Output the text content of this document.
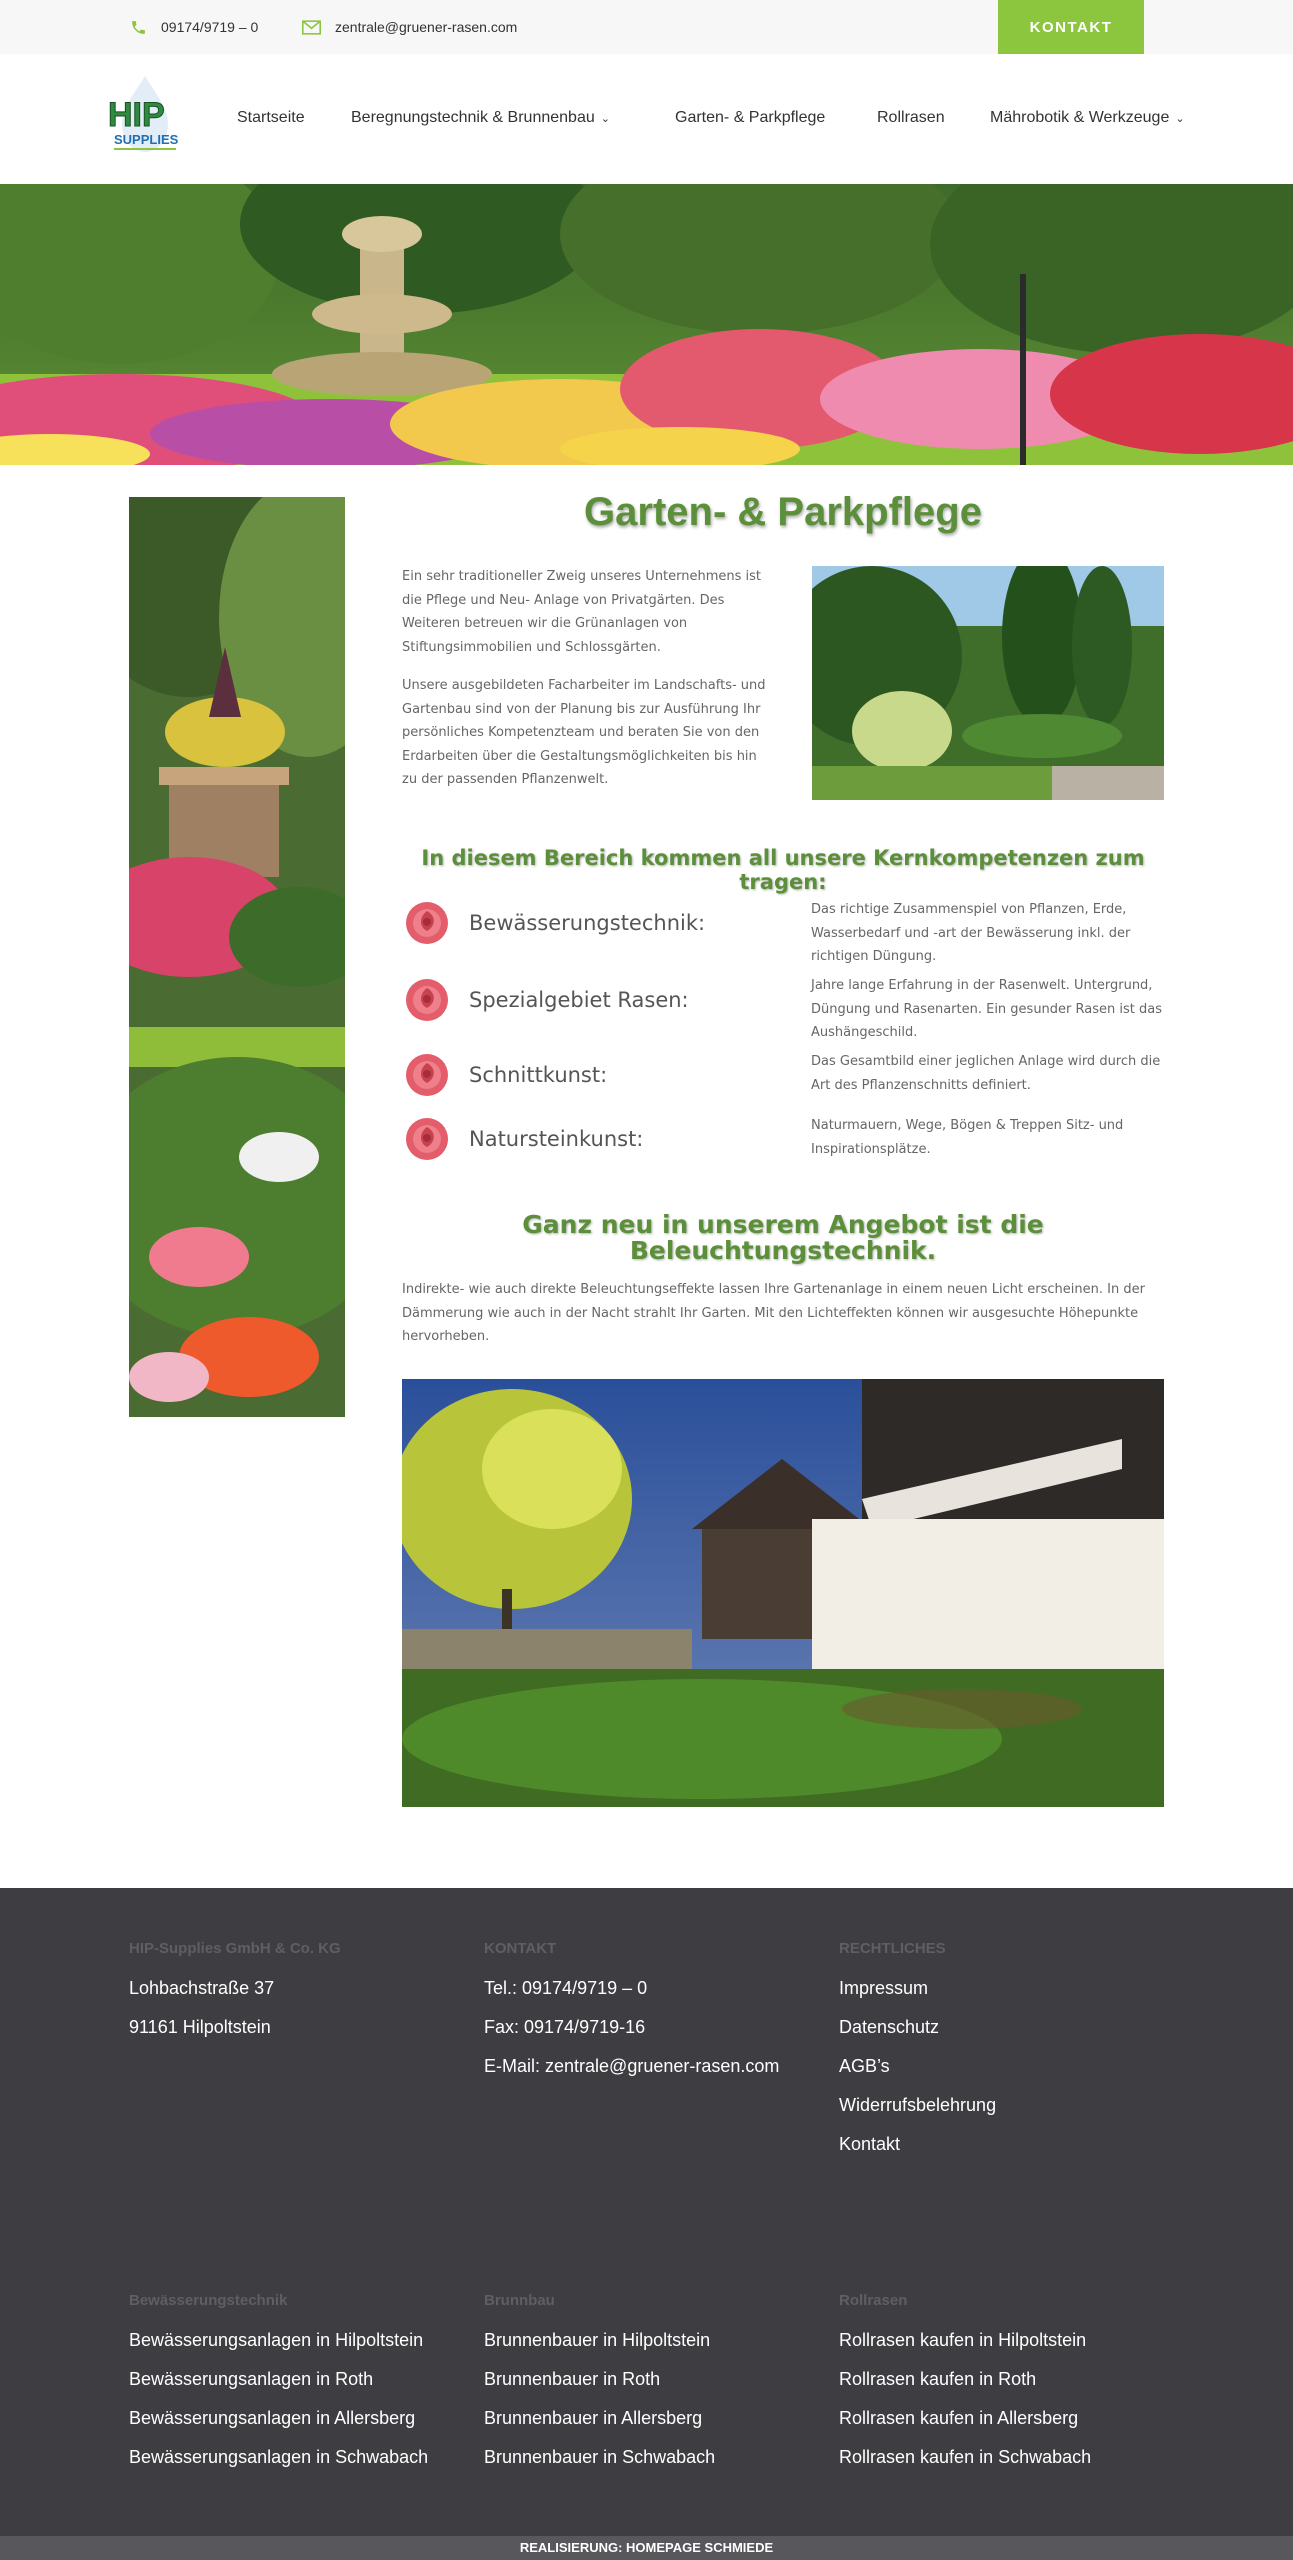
09174/9719 – 0	zentrale@gruener-rasen.com	KONTAKT
HIP
SUPPLIES
Startseite	Beregnungstechnik & Brunnenbau ⌄	Garten- & Parkpflege	Rollrasen	Mährobotik & Werkzeuge ⌄
Garten- & Parkpflege
Ein sehr traditioneller Zweig unseres Unternehmens ist die Pflege und Neu- Anlage von Privatgärten. Des Weiteren betreuen wir die Grünanlagen von Stiftungsimmobilien und Schlossgärten.
Unsere ausgebildeten Facharbeiter im Landschafts- und Gartenbau sind von der Planung bis zur Ausführung Ihr persönliches Kompetenzteam und beraten Sie von den Erdarbeiten über die Gestaltungsmöglichkeiten bis hin zu der passenden Pflanzenwelt.
In diesem Bereich kommen all unsere Kernkompetenzen zum tragen:
Bewässerungstechnik:
Das richtige Zusammenspiel von Pflanzen, Erde, Wasserbedarf und -art der Bewässerung inkl. der richtigen Düngung.
Spezialgebiet Rasen:
Jahre lange Erfahrung in der Rasenwelt. Untergrund, Düngung und Rasenarten. Ein gesunder Rasen ist das Aushängeschild.
Schnittkunst:
Das Gesamtbild einer jeglichen Anlage wird durch die Art des Pflanzenschnitts definiert.
Natursteinkunst:
Naturmauern, Wege, Bögen & Treppen Sitz- und Inspirationsplätze.
Ganz neu in unserem Angebot ist die Beleuchtungstechnik.
Indirekte- wie auch direkte Beleuchtungseffekte lassen Ihre Gartenanlage in einem neuen Licht erscheinen. In der Dämmerung wie auch in der Nacht strahlt Ihr Garten. Mit den Lichteffekten können wir ausgesuchte Höhepunkte hervorheben.
HIP-Supplies GmbH & Co. KG
Lohbachstraße 37
91161 Hilpoltstein
KONTAKT
Tel.: 09174/9719 – 0
Fax: 09174/9719-16
E-Mail: zentrale@gruener-rasen.com
RECHTLICHES
Impressum
Datenschutz
AGB’s
Widerrufsbelehrung
Kontakt
Bewässerungstechnik
Bewässerungsanlagen in Hilpoltstein
Bewässerungsanlagen in Roth
Bewässerungsanlagen in Allersberg
Bewässerungsanlagen in Schwabach
Brunnbau
Brunnenbauer in Hilpoltstein
Brunnenbauer in Roth
Brunnenbauer in Allersberg
Brunnenbauer in Schwabach
Rollrasen
Rollrasen kaufen in Hilpoltstein
Rollrasen kaufen in Roth
Rollrasen kaufen in Allersberg
Rollrasen kaufen in Schwabach
REALISIERUNG: HOMEPAGE SCHMIEDE
